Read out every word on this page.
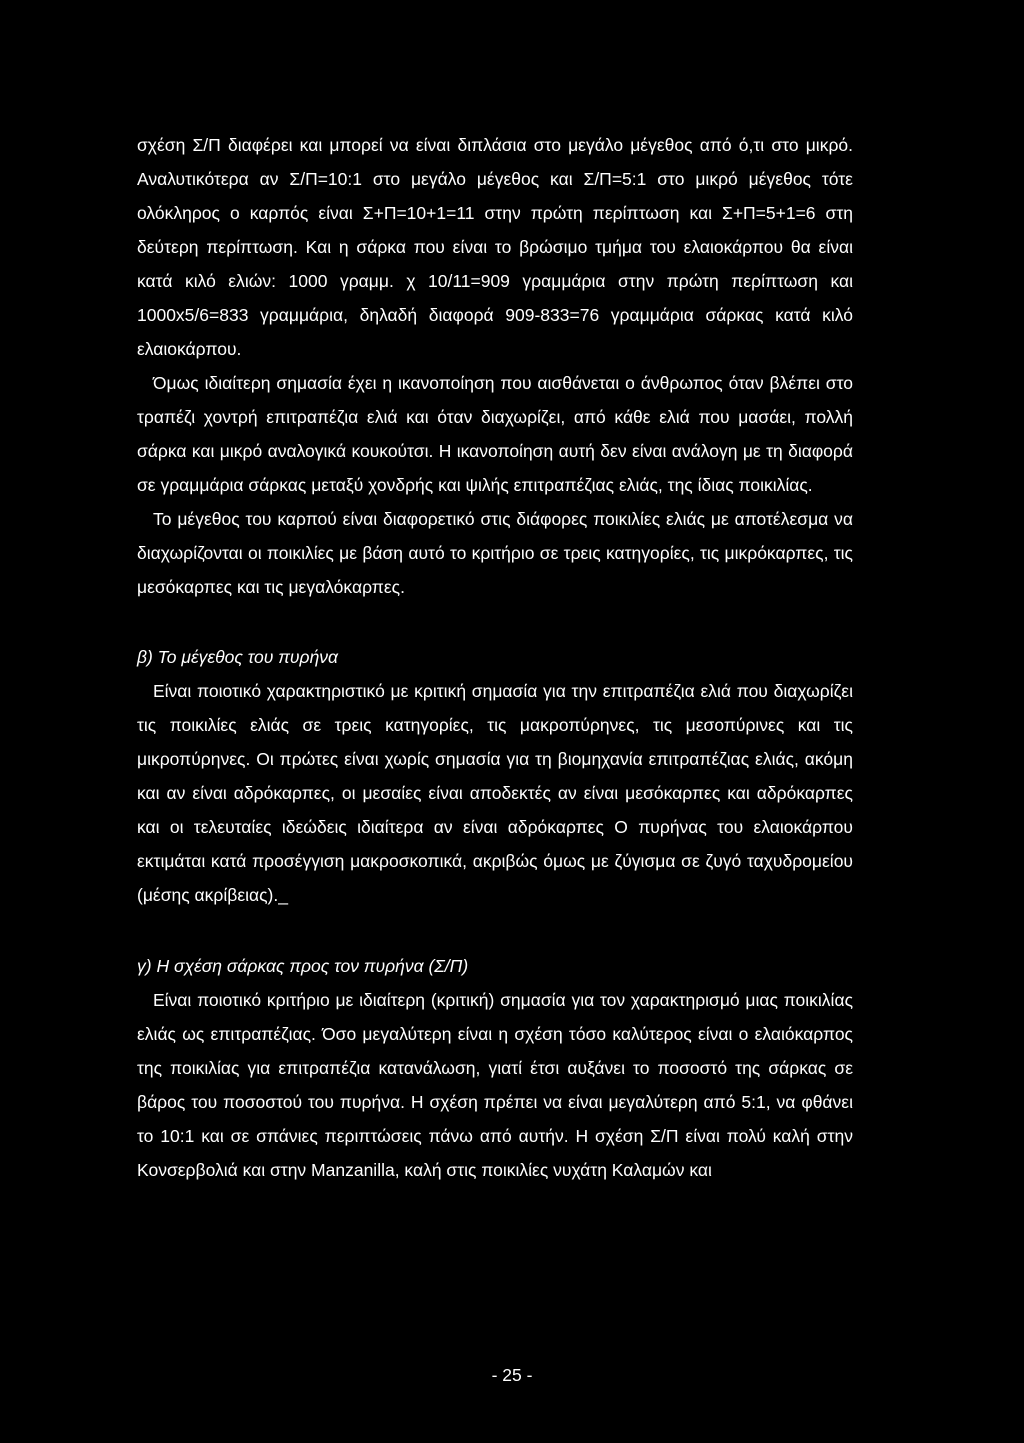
σχέση Σ/Π διαφέρει και μπορεί να είναι διπλάσια στο μεγάλο μέγεθος από ό,τι στο μικρό. Αναλυτικότερα αν Σ/Π=10:1 στο μεγάλο μέγεθος και Σ/Π=5:1 στο μικρό μέγεθος τότε ολόκληρος ο καρπός είναι Σ+Π=10+1=11 στην πρώτη περίπτωση και Σ+Π=5+1=6 στη δεύτερη περίπτωση. Και η σάρκα που είναι το βρώσιμο τμήμα του ελαιοκάρπου θα είναι κατά κιλό ελιών: 1000 γραμμ. χ 10/11=909 γραμμάρια στην πρώτη περίπτωση και 1000x5/6=833 γραμμάρια, δηλαδή διαφορά 909-833=76 γραμμάρια σάρκας κατά κιλό ελαιοκάρπου.

Όμως ιδιαίτερη σημασία έχει η ικανοποίηση που αισθάνεται ο άνθρωπος όταν βλέπει στο τραπέζι χοντρή επιτραπέζια ελιά και όταν διαχωρίζει, από κάθε ελιά που μασάει, πολλή σάρκα και μικρό αναλογικά κουκούτσι. Η ικανοποίηση αυτή δεν είναι ανάλογη με τη διαφορά σε γραμμάρια σάρκας μεταξύ χονδρής και ψιλής επιτραπέζιας ελιάς, της ίδιας ποικιλίας.

Το μέγεθος του καρπού είναι διαφορετικό στις διάφορες ποικιλίες ελιάς με αποτέλεσμα να διαχωρίζονται οι ποικιλίες με βάση αυτό το κριτήριο σε τρεις κατηγορίες, τις μικρόκαρπες, τις μεσόκαρπες και τις μεγαλόκαρπες.

β) Το μέγεθος του πυρήνα

Είναι ποιοτικό χαρακτηριστικό με κριτική σημασία για την επιτραπέζια ελιά που διαχωρίζει τις ποικιλίες ελιάς σε τρεις κατηγορίες, τις μακροπύρηνες, τις μεσοπύρινες και τις μικροπύρηνες. Οι πρώτες είναι χωρίς σημασία για τη βιομηχανία επιτραπέζιας ελιάς, ακόμη και αν είναι αδρόκαρπες, οι μεσαίες είναι αποδεκτές αν είναι μεσόκαρπες και αδρόκαρπες και οι τελευταίες ιδεώδεις ιδιαίτερα αν είναι αδρόκαρπες Ο πυρήνας του ελαιοκάρπου εκτιμάται κατά προσέγγιση μακροσκοπικά, ακριβώς όμως με ζύγισμα σε ζυγό ταχυδρομείου (μέσης ακρίβειας)._

γ) Η σχέση σάρκας προς τον πυρήνα (Σ/Π)

Είναι ποιοτικό κριτήριο με ιδιαίτερη (κριτική) σημασία για τον χαρακτηρισμό μιας ποικιλίας ελιάς ως επιτραπέζιας. Όσο μεγαλύτερη είναι η σχέση τόσο καλύτερος είναι ο ελαιόκαρπος της ποικιλίας για επιτραπέζια κατανάλωση, γιατί έτσι αυξάνει το ποσοστό της σάρκας σε βάρος του ποσοστού του πυρήνα. Η σχέση πρέπει να είναι μεγαλύτερη από 5:1, να φθάνει το 10:1 και σε σπάνιες περιπτώσεις πάνω από αυτήν. Η σχέση Σ/Π είναι πολύ καλή στην Κονσερβολιά και στην Manzanilla, καλή στις ποικιλίες νυχάτη Καλαμών και

- 25 -
